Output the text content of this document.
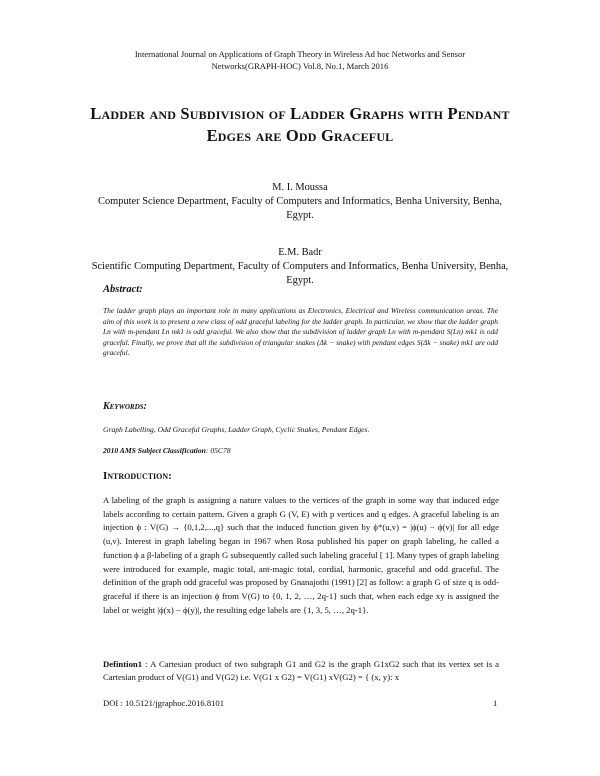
International Journal on Applications of Graph Theory in Wireless Ad hoc Networks and Sensor Networks(GRAPH-HOC) Vol.8, No.1, March 2016
Ladder and Subdivision of Ladder Graphs with Pendant Edges are Odd Graceful
M. I. Moussa
Computer Science Department, Faculty of Computers and Informatics, Benha University, Benha, Egypt.
E.M. Badr
Scientific Computing Department, Faculty of Computers and Informatics, Benha University, Benha, Egypt.
Abstract:
The ladder graph plays an important role in many applications as Electronics, Electrical and Wireless communication areas. The aim of this work is to present a new class of odd graceful labeling for the ladder graph. In particular, we show that the ladder graph Ln with m-pendant Ln mk1 is odd graceful. We also show that the subdivision of ladder graph Ln with m-pendant S(Ln) mk1 is odd graceful. Finally, we prove that all the subdivision of triangular snakes (Δk − snake) with pendant edges S(Δk − snake) mk1 are odd graceful.
Keywords:
Graph Labelling, Odd Graceful Graphs, Ladder Graph, Cyclic Snakes, Pendant Edges.
2010 AMS Subject Classification: 05C78
Introduction:
A labeling of the graph is assigning a nature values to the vertices of the graph in some way that induced edge labels according to certain pattern. Given a graph G (V, E) with p vertices and q edges. A graceful labeling is an injection ϕ : V(G) → {0,1,2,...,q} such that the induced function given by ϕ*(u,v) = |ϕ(u) − ϕ(v)| for all edge (u,v). Interest in graph labeling began in 1967 when Rosa published his paper on graph labeling, he called a function ϕ a β-labeling of a graph G subsequently called such labeling graceful [ 1]. Many types of graph labeling were introduced for example, magic total, ant-magic total, cordial, harmonic, graceful and odd graceful. The definition of the graph odd graceful was proposed by Gnanajothi (1991) [2] as follow: a graph G of size q is odd-graceful if there is an injection ϕ from V(G) to {0, 1, 2, …, 2q-1} such that, when each edge xy is assigned the label or weight |ϕ(x) − ϕ(y)|, the resulting edge labels are {1, 3, 5, …, 2q-1}.
Defintion1 : A Cartesian product of two subgraph G1 and G2 is the graph G1xG2 such that its vertex set is a Cartesian product of V(G1) and V(G2) i.e. V(G1 x G2) = V(G1) xV(G2) = { (x, y): x
DOI : 10.5121/jgraphoc.2016.8101	1
